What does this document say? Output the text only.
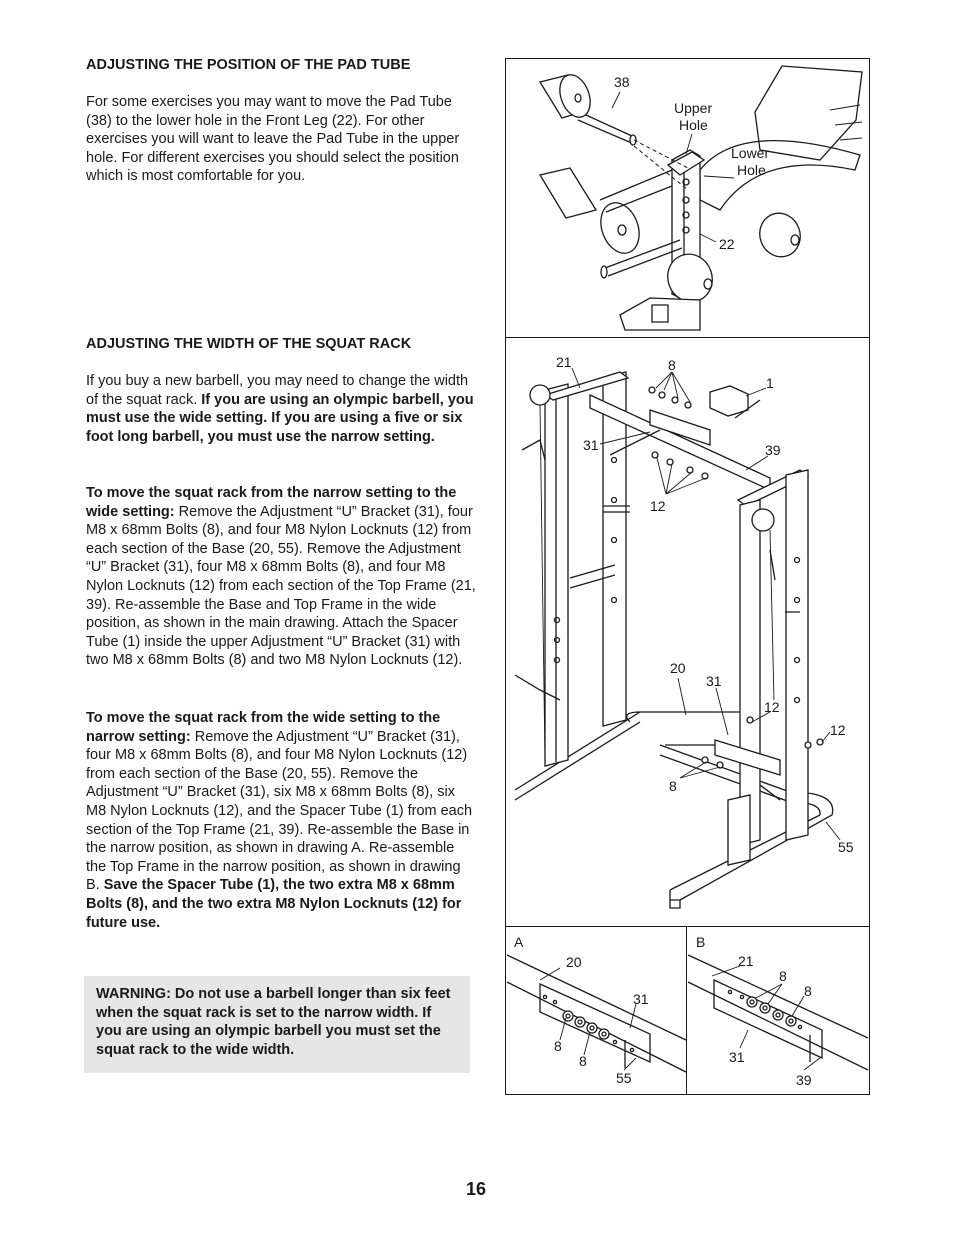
ADJUSTING THE POSITION OF THE PAD TUBE
For some exercises you may want to move the Pad Tube (38) to the lower hole in the Front Leg (22). For other exercises you will want to leave the Pad Tube in the upper hole. For different exercises you should select the position which is most comfortable for you.
ADJUSTING THE WIDTH OF THE SQUAT RACK
If you buy a new barbell, you may need to change the width of the squat rack. If you are using an olympic barbell, you must use the wide setting. If you are using a five or six foot long barbell, you must use the narrow setting.
To move the squat rack from the narrow setting to the wide setting: Remove the Adjustment “U” Bracket (31), four M8 x 68mm Bolts (8), and four M8 Nylon Locknuts (12) from each section of the Base (20, 55). Remove the Adjustment “U” Bracket (31), four M8 x 68mm Bolts (8), and four M8 Nylon Locknuts (12) from each section of the Top Frame (21, 39). Re-assemble the Base and Top Frame in the wide position, as shown in the main drawing. Attach the Spacer Tube (1) inside the upper Adjustment “U” Bracket (31) with two M8 x 68mm Bolts (8) and two M8 Nylon Locknuts (12).
To move the squat rack from the wide setting to the narrow setting: Remove the Adjustment “U” Bracket (31), four M8 x 68mm Bolts (8), and four M8 Nylon Locknuts (12) from each section of the Base (20, 55). Remove the Adjustment “U” Bracket (31), six M8 x 68mm Bolts (8), six M8 Nylon Locknuts (12), and the Spacer Tube (1) from each section of the Top Frame (21, 39). Re-assemble the Base in the narrow position, as shown in drawing A. Re-assemble the Top Frame in the narrow position, as shown in drawing B. Save the Spacer Tube (1), the two extra M8 x 68mm Bolts (8), and the two extra M8 Nylon Locknuts (12) for future use.
WARNING: Do not use a barbell longer than six feet when the squat rack is set to the narrow width. If you are using an olympic barbell you must set the squat rack to the wide width.
16
38
Upper
Hole
Lower
Hole
22
21	8
1
31	39
12
20
31
12
12
8
55
A
20
31
8
8
55
B
21
8
8
31
39
